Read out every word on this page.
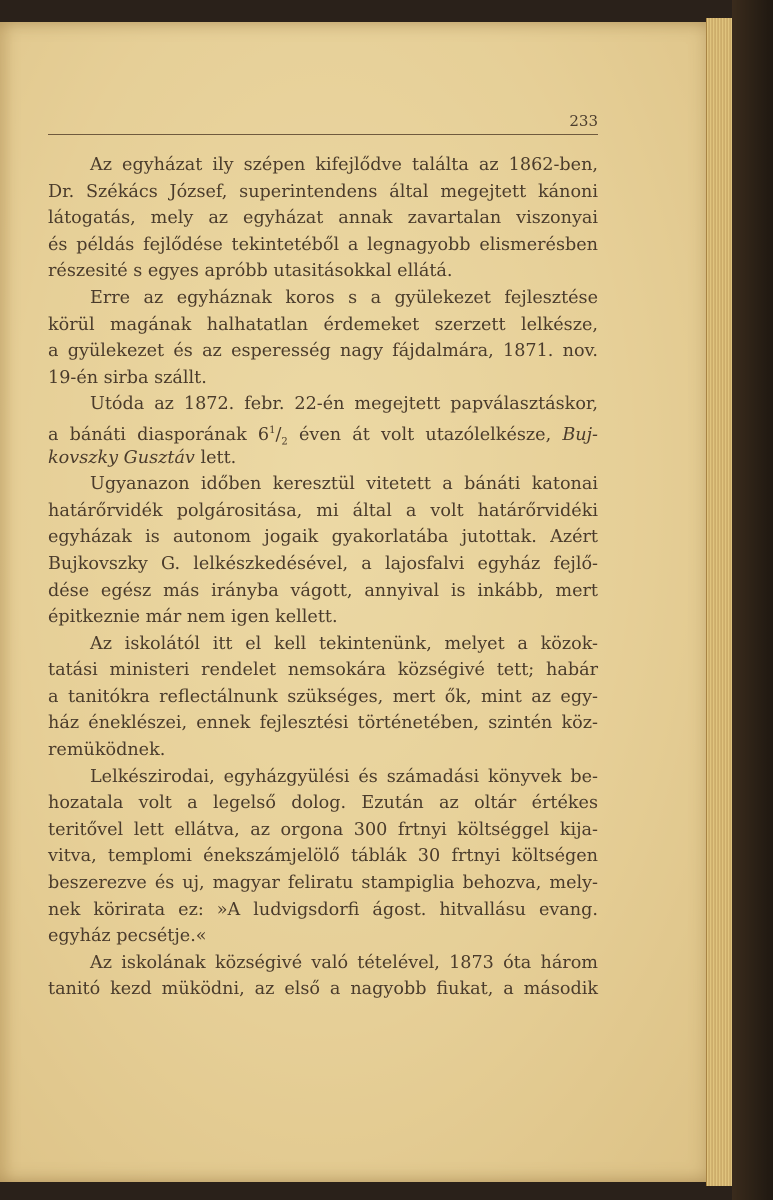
233
Az egyházat ily szépen kifejlődve találta az 1862-ben,
Dr. Székács József, superintendens által megejtett kánoni
látogatás, mely az egyházat annak zavartalan viszonyai
és példás fejlődése tekintetéből a legnagyobb elismerésben
részesité s egyes apróbb utasitásokkal ellátá.
Erre az egyháznak koros s a gyülekezet fejlesztése
körül magának halhatatlan érdemeket szerzett lelkésze,
a gyülekezet és az esperesség nagy fájdalmára, 1871. nov.
19-én sirba szállt.
Utóda az 1872. febr. 22-én megejtett papválasztáskor,
a bánáti diasporának $6^1/_2$ éven át volt utazólelkésze, Buj-
kovszky Gusztáv lett.
Ugyanazon időben keresztül vitetett a bánáti katonai
határőrvidék polgárositása, mi által a volt határőrvidéki
egyházak is autonom jogaik gyakorlatába jutottak. Azért
Bujkovszky G. lelkészkedésével, a lajosfalvi egyház fejlő-
dése egész más irányba vágott, annyival is inkább, mert
épitkeznie már nem igen kellett.
Az iskolától itt el kell tekintenünk, melyet a közok-
tatási ministeri rendelet nemsokára községivé tett; habár
a tanitókra reflectálnunk szükséges, mert ők, mint az egy-
ház éneklészei, ennek fejlesztési történetében, szintén köz-
remüködnek.
Lelkészirodai, egyházgyülési és számadási könyvek be-
hozatala volt a legelső dolog. Ezután az oltár értékes
teritővel lett ellátva, az orgona 300 frtnyi költséggel kija-
vitva, templomi énekszámjelölő táblák 30 frtnyi költségen
beszerezve és uj, magyar feliratu stampiglia behozva, mely-
nek körirata ez: »A ludvigsdorfi ágost. hitvallásu evang.
egyház pecsétje.«
Az iskolának községivé való tételével, 1873 óta három
tanitó kezd müködni, az első a nagyobb fiukat, a második
